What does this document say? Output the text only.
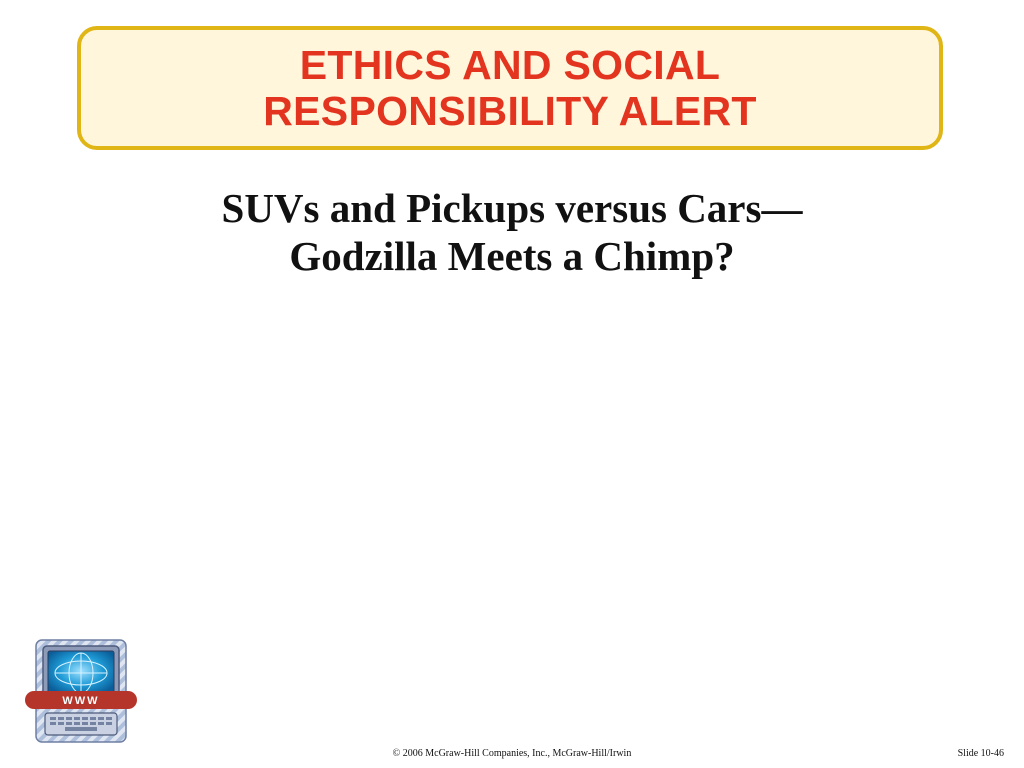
ETHICS AND SOCIAL
RESPONSIBILITY ALERT
SUVs and Pickups versus Cars—
Godzilla Meets a Chimp?
WWW
© 2006 McGraw-Hill Companies, Inc., McGraw-Hill/Irwin	Slide 10-46
